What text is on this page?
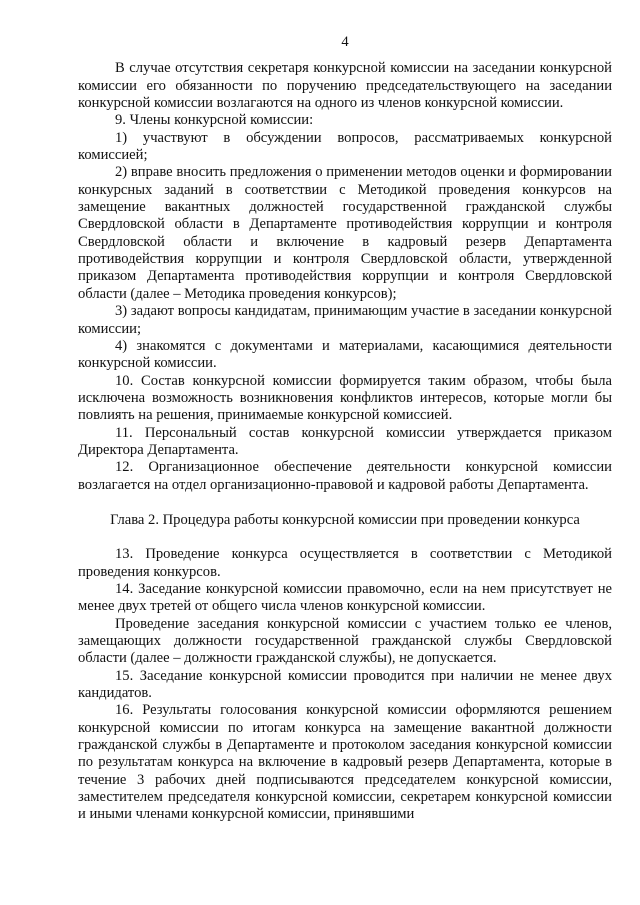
4

В случае отсутствия секретаря конкурсной комиссии на заседании конкурсной комиссии его обязанности по поручению председательствующего на заседании конкурсной комиссии возлагаются на одного из членов конкурсной комиссии.

9. Члены конкурсной комиссии:

1) участвуют в обсуждении вопросов, рассматриваемых конкурсной комиссией;

2) вправе вносить предложения о применении методов оценки и формировании конкурсных заданий в соответствии с Методикой проведения конкурсов на замещение вакантных должностей государственной гражданской службы Свердловской области в Департаменте противодействия коррупции и контроля Свердловской области и включение в кадровый резерв Департамента противодействия коррупции и контроля Свердловской области, утвержденной приказом Департамента противодействия коррупции и контроля Свердловской области (далее – Методика проведения конкурсов);

3) задают вопросы кандидатам, принимающим участие в заседании конкурсной комиссии;

4) знакомятся с документами и материалами, касающимися деятельности конкурсной комиссии.

10. Состав конкурсной комиссии формируется таким образом, чтобы была исключена возможность возникновения конфликтов интересов, которые могли бы повлиять на решения, принимаемые конкурсной комиссией.

11. Персональный состав конкурсной комиссии утверждается приказом Директора Департамента.

12. Организационное обеспечение деятельности конкурсной комиссии возлагается на отдел организационно-правовой и кадровой работы Департамента.

Глава 2. Процедура работы конкурсной комиссии при проведении конкурса

13. Проведение конкурса осуществляется в соответствии с Методикой проведения конкурсов.

14. Заседание конкурсной комиссии правомочно, если на нем присутствует не менее двух третей от общего числа членов конкурсной комиссии.

Проведение заседания конкурсной комиссии с участием только ее членов, замещающих должности государственной гражданской службы Свердловской области (далее – должности гражданской службы), не допускается.

15. Заседание конкурсной комиссии проводится при наличии не менее двух кандидатов.

16. Результаты голосования конкурсной комиссии оформляются решением конкурсной комиссии по итогам конкурса на замещение вакантной должности гражданской службы в Департаменте и протоколом заседания конкурсной комиссии по результатам конкурса на включение в кадровый резерв Департамента, которые в течение 3 рабочих дней подписываются председателем конкурсной комиссии, заместителем председателя конкурсной комиссии, секретарем конкурсной комиссии и иными членами конкурсной комиссии, принявшими
